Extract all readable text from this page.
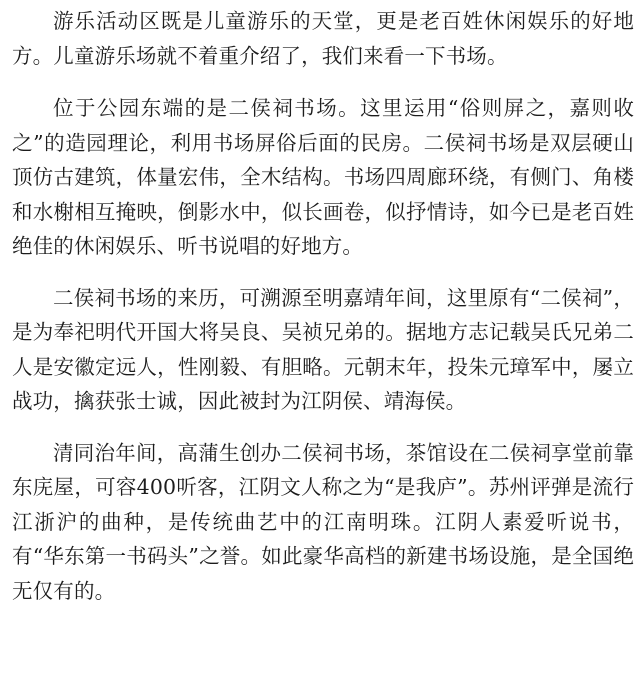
游乐活动区既是儿童游乐的天堂，更是老百姓休闲娱乐的好地方。儿童游乐场就不着重介绍了，我们来看一下书场。

位于公园东端的是二侯祠书场。这里运用“俗则屏之，嘉则收之”的造园理论，利用书场屏俗后面的民房。二侯祠书场是双层硬山顶仿古建筑，体量宏伟，全木结构。书场四周廊环绕，有侧门、角楼和水榭相互掩映，倒影水中，似长画卷，似抒情诗，如今已是老百姓绝佳的休闲娱乐、听书说唱的好地方。

二侯祠书场的来历，可溯源至明嘉靖年间，这里原有“二侯祠”，是为奉祀明代开国大将吴良、吴祯兄弟的。据地方志记载吴氏兄弟二人是安徽定远人，性刚毅、有胆略。元朝末年，投朱元璋军中，屡立战功，擒获张士诚，因此被封为江阴侯、靖海侯。

清同治年间，高蒲生创办二侯祠书场，茶馆设在二侯祠享堂前靠东庑屋，可容400听客，江阴文人称之为“是我庐”。苏州评弹是流行江浙沪的曲种，是传统曲艺中的江南明珠。江阴人素爱听说书，有“华东第一书码头”之誉。如此豪华高档的新建书场设施，是全国绝无仅有的。
